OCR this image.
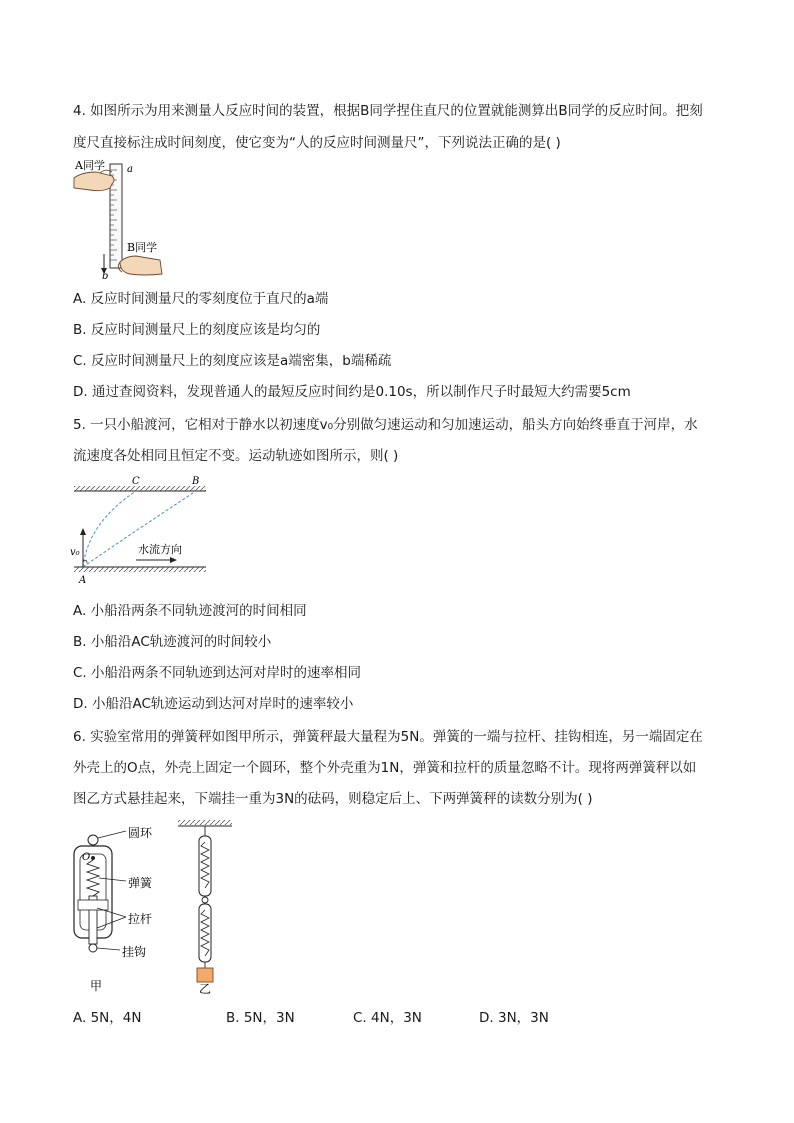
4. 如图所示为用来测量人反应时间的装置，根据B同学捏住直尺的位置就能测算出B同学的反应时间。把刻
度尺直接标注成时间刻度，使它变为“人的反应时间测量尺”，下列说法正确的是( )
A同学
B同学
a
b
A. 反应时间测量尺的零刻度位于直尺的a端
B. 反应时间测量尺上的刻度应该是均匀的
C. 反应时间测量尺上的刻度应该是a端密集，b端稀疏
D. 通过查阅资料，发现普通人的最短反应时间约是0.10s，所以制作尺子时最短大约需要5cm
5. 一只小船渡河，它相对于静水以初速度v₀分别做匀速运动和匀加速运动，船头方向始终垂直于河岸，水
流速度各处相同且恒定不变。运动轨迹如图所示，则( )
C	B
A
v₀	水流方向
A. 小船沿两条不同轨迹渡河的时间相同
B. 小船沿AC轨迹渡河的时间较小
C. 小船沿两条不同轨迹到达河对岸时的速率相同
D. 小船沿AC轨迹运动到达河对岸时的速率较小
6. 实验室常用的弹簧秤如图甲所示，弹簧秤最大量程为5N。弹簧的一端与拉杆、挂钩相连，另一端固定在
外壳上的O点，外壳上固定一个圆环，整个外壳重为1N，弹簧和拉杆的质量忽略不计。现将两弹簧秤以如
图乙方式悬挂起来，下端挂一重为3N的砝码，则稳定后上、下两弹簧秤的读数分别为( )
O
圆环
弹簧
拉杆
挂钩
甲	乙
A. 5N，4N	B. 5N，3N	C. 4N，3N	D. 3N，3N
